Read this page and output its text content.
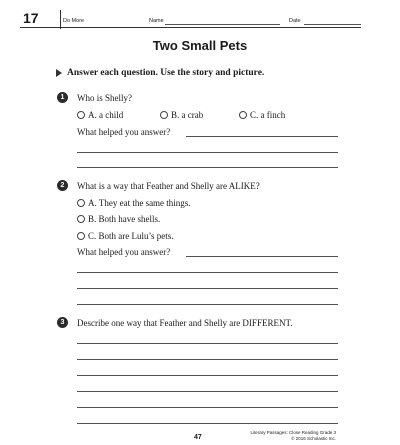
17	Do More	Name	Date
Two Small Pets
Answer each question. Use the story and picture.
1	Who is Shelly?
A. a child	B. a crab	C. a finch
What helped you answer?
2	What is a way that Feather and Shelly are ALIKE?
A. They eat the same things.
B. Both have shells.
C. Both are Lulu’s pets.
What helped you answer?
3	Describe one way that Feather and Shelly are DIFFERENT.
47
Literary Passages: Close Reading Grade 3
© 2016 Scholastic Inc.
